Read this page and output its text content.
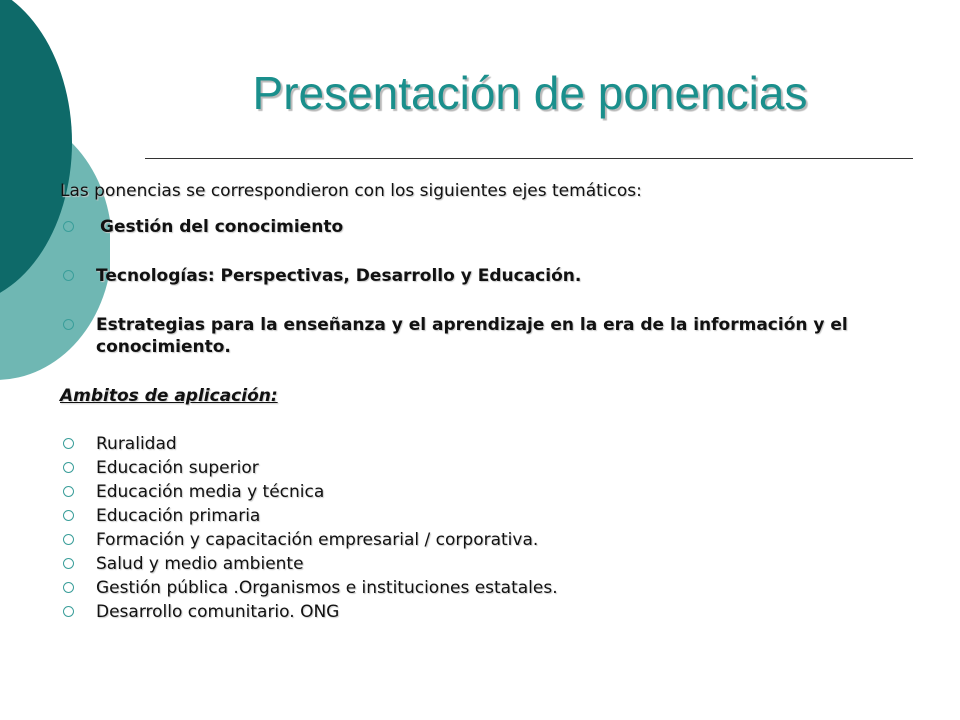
Presentación de ponencias

Las ponencias se correspondieron con los siguientes ejes temáticos:

Gestión del conocimiento
Tecnologías: Perspectivas, Desarrollo y Educación.
Estrategias para la enseñanza y el aprendizaje en la era de la información y el conocimiento.

Ambitos de aplicación:

Ruralidad
Educación superior
Educación media y técnica
Educación primaria
Formación y capacitación empresarial / corporativa.
Salud y medio ambiente
Gestión pública .Organismos e instituciones estatales.
Desarrollo comunitario. ONG
